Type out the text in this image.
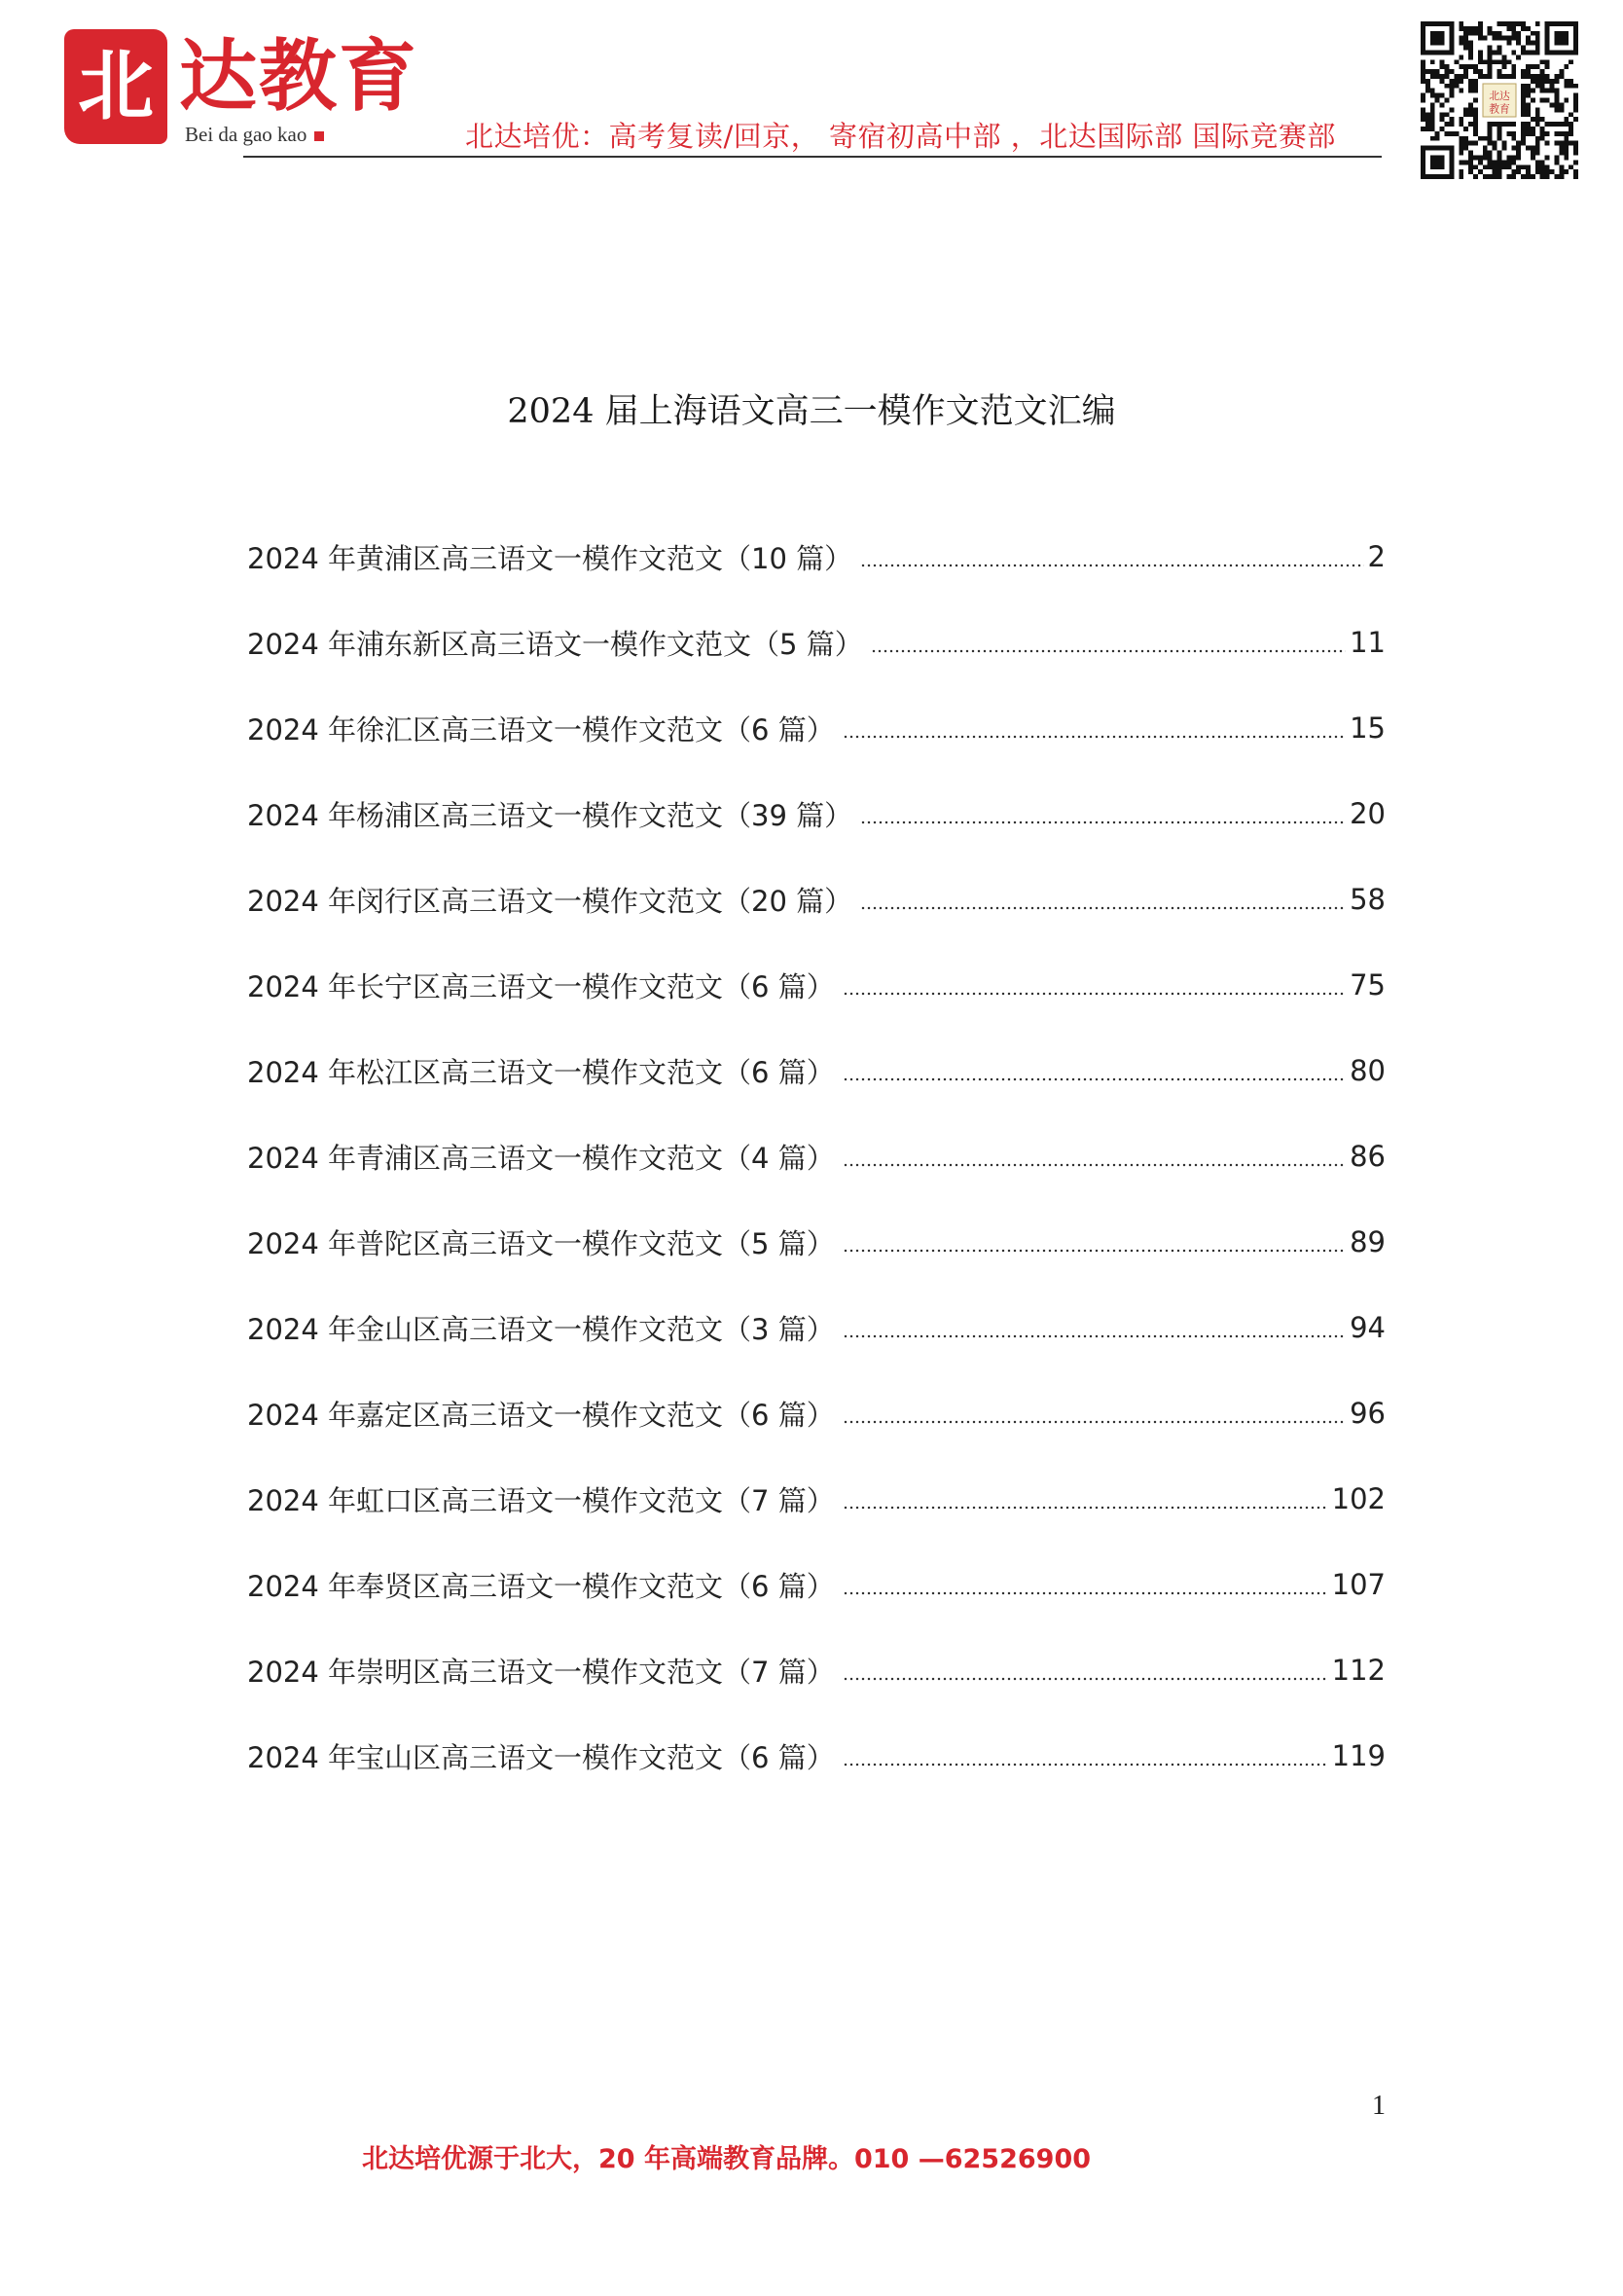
北 达教育
Bei da gao kao	北达培优：高考复读/回京， 寄宿初高中部 ，北达国际部 国际竞赛部
北达
教育
2024 届上海语文高三一模作文范文汇编
2024 年黄浦区高三语文一模作文范文（10 篇）	2
2024 年浦东新区高三语文一模作文范文（5 篇）	11
2024 年徐汇区高三语文一模作文范文（6 篇）	15
2024 年杨浦区高三语文一模作文范文（39 篇）	20
2024 年闵行区高三语文一模作文范文（20 篇）	58
2024 年长宁区高三语文一模作文范文（6 篇）	75
2024 年松江区高三语文一模作文范文（6 篇）	80
2024 年青浦区高三语文一模作文范文（4 篇）	86
2024 年普陀区高三语文一模作文范文（5 篇）	89
2024 年金山区高三语文一模作文范文（3 篇）	94
2024 年嘉定区高三语文一模作文范文（6 篇）	96
2024 年虹口区高三语文一模作文范文（7 篇）	102
2024 年奉贤区高三语文一模作文范文（6 篇）	107
2024 年崇明区高三语文一模作文范文（7 篇）	112
2024 年宝山区高三语文一模作文范文（6 篇）	119
1
北达培优源于北大，20 年高端教育品牌。010 —62526900
